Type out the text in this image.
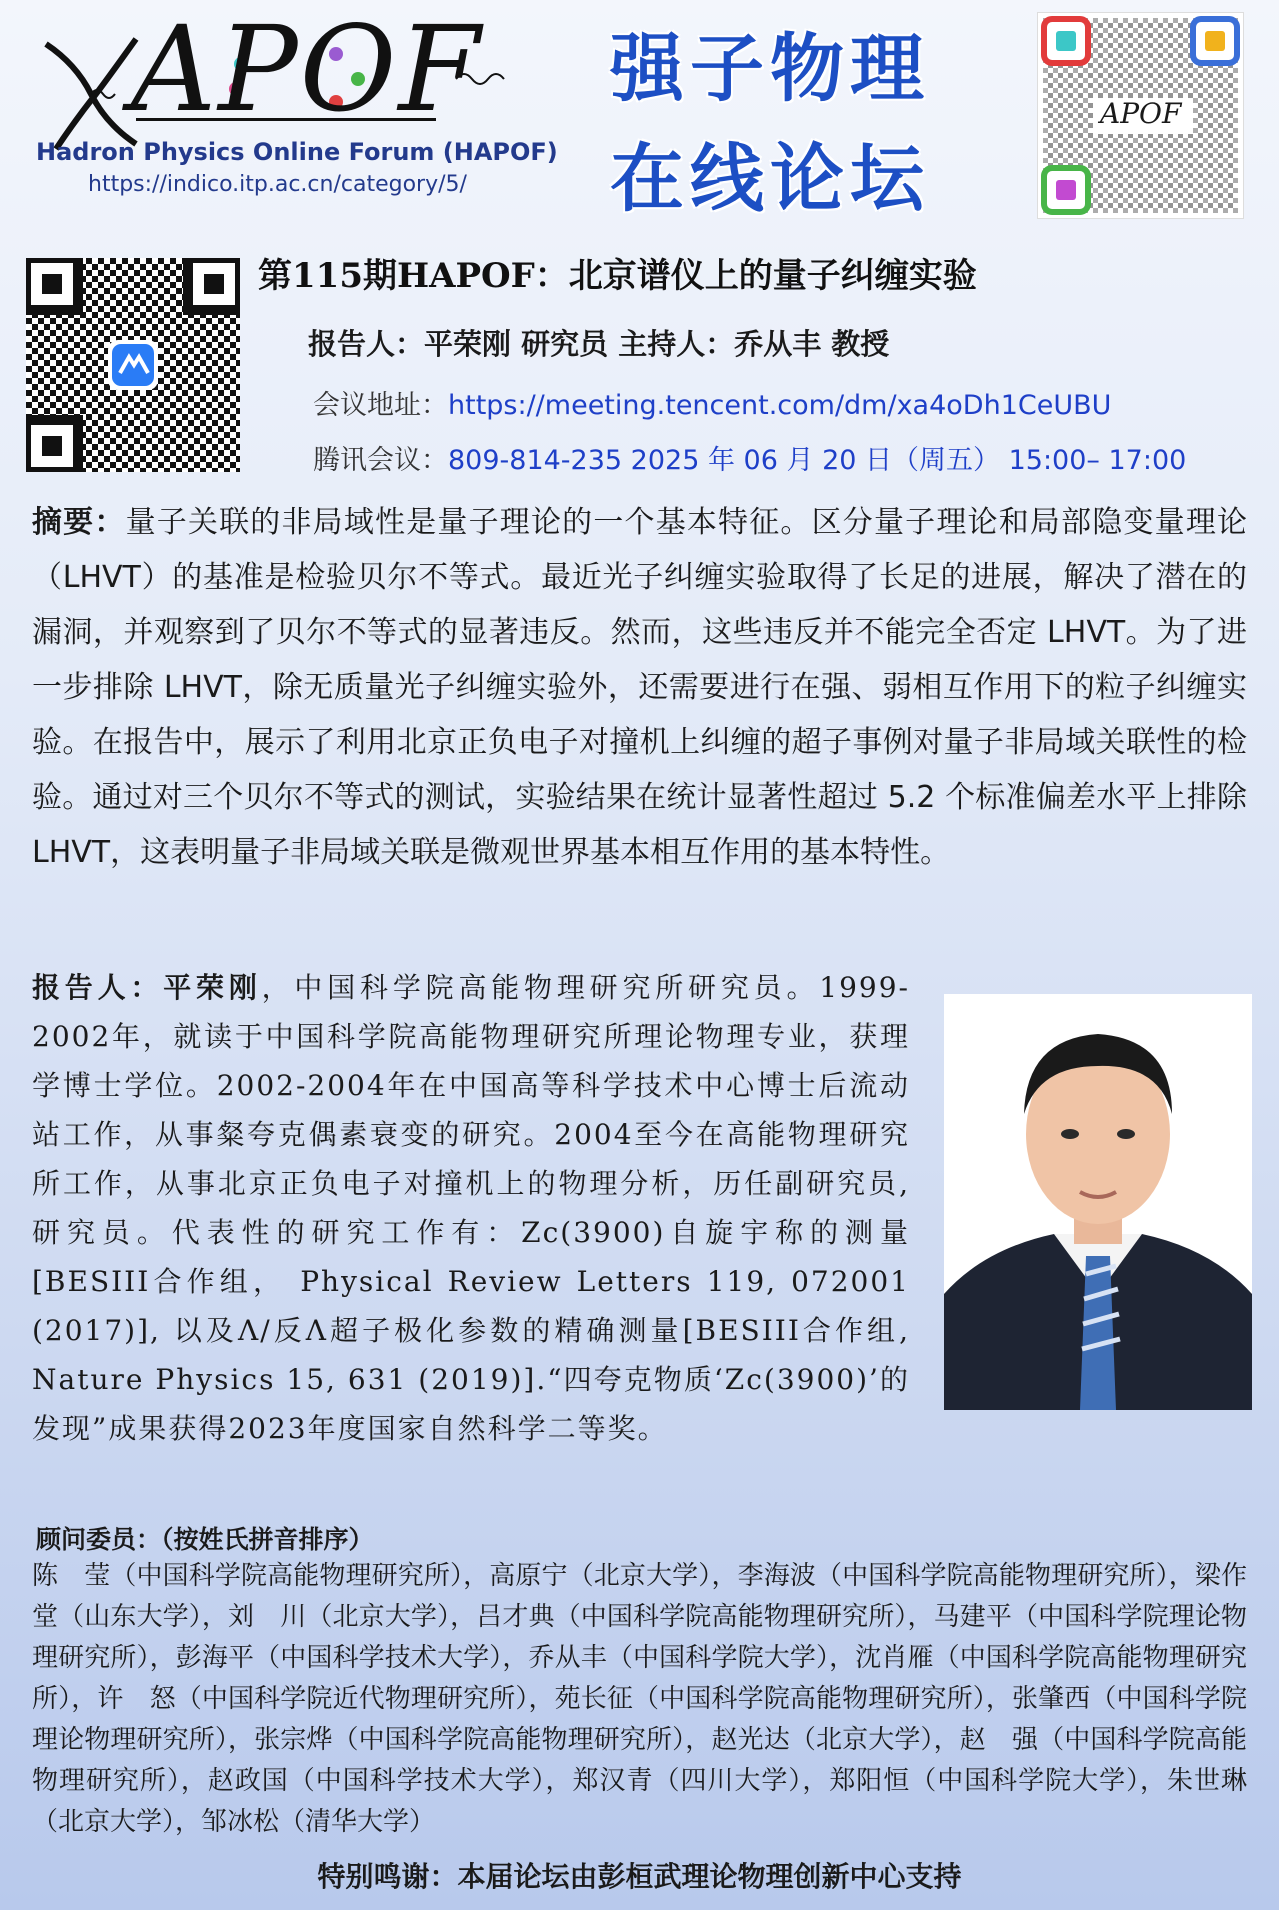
APOF
Hadron Physics Online Forum (HAPOF)
https://indico.itp.ac.cn/category/5/
强子物理
在线论坛
APOF
第115期HAPOF：北京谱仪上的量子纠缠实验
报告人：平荣刚 研究员 主持人：乔从丰 教授
会议地址：https://meeting.tencent.com/dm/xa4oDh1CeUBU
腾讯会议：809-814-235 2025 年 06 月 20 日（周五） 15:00– 17:00
摘要：量子关联的非局域性是量子理论的一个基本特征。区分量子理论和局部隐变量理论（LHVT）的基准是检验贝尔不等式。最近光子纠缠实验取得了长足的进展，解决了潜在的漏洞，并观察到了贝尔不等式的显著违反。然而，这些违反并不能完全否定 LHVT。为了进一步排除 LHVT，除无质量光子纠缠实验外，还需要进行在强、弱相互作用下的粒子纠缠实验。在报告中，展示了利用北京正负电子对撞机上纠缠的超子事例对量子非局域关联性的检验。通过对三个贝尔不等式的测试，实验结果在统计显著性超过 5.2 个标准偏差水平上排除 LHVT，这表明量子非局域关联是微观世界基本相互作用的基本特性。
报告人：平荣刚，中国科学院高能物理研究所研究员。1999-2002年，就读于中国科学院高能物理研究所理论物理专业，获理学博士学位。2002-2004年在中国高等科学技术中心博士后流动站工作，从事粲夸克偶素衰变的研究。2004至今在高能物理研究所工作，从事北京正负电子对撞机上的物理分析，历任副研究员,研究员。代表性的研究工作有：Zc(3900)自旋宇称的测量[BESIII合作组， Physical Review Letters 119, 072001 (2017)], 以及Λ/反Λ超子极化参数的精确测量[BESIII合作组, Nature Physics 15, 631 (2019)].“四夸克物质‘Zc(3900)’的发现”成果获得2023年度国家自然科学二等奖。
顾问委员：（按姓氏拼音排序）
陈　莹（中国科学院高能物理研究所），高原宁（北京大学），李海波（中国科学院高能物理研究所），梁作堂（山东大学），刘　川（北京大学），吕才典（中国科学院高能物理研究所），马建平（中国科学院理论物理研究所），彭海平（中国科学技术大学），乔从丰（中国科学院大学），沈肖雁（中国科学院高能物理研究所），许　怒（中国科学院近代物理研究所），苑长征（中国科学院高能物理研究所），张肇西（中国科学院理论物理研究所），张宗烨（中国科学院高能物理研究所），赵光达（北京大学），赵　强（中国科学院高能物理研究所），赵政国（中国科学技术大学），郑汉青（四川大学），郑阳恒（中国科学院大学），朱世琳（北京大学），邹冰松（清华大学）
特别鸣谢：本届论坛由彭桓武理论物理创新中心支持
